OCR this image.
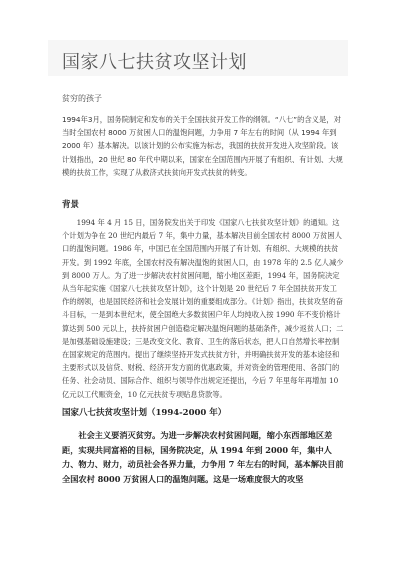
国家八七扶贫攻坚计划
贫穷的孩子

1994年3月，国务院制定和发布的关于全国扶贫开发工作的纲领。“八七”的含义是，对当时全国农村 8000 万贫困人口的温饱问题，力争用 7 年左右的时间（从 1994 年到 2000 年）基本解决。以该计划的公布实施为标志，我国的扶贫开发进入攻坚阶段。该计划指出，20 世纪 80 年代中期以来，国家在全国范围内开展了有组织、有计划、大规模的扶贫工作，实现了从救济式扶贫向开发式扶贫的转变。

背景

1994 年 4 月 15 日，国务院发出关于印发《国家八七扶贫攻坚计划》的通知。这个计划为争在 20 世纪内最后 7 年，集中力量，基本解决目前全国农村 8000 万贫困人口的温饱问题。1986 年，中国已在全国范围内开展了有计划、有组织、大规模的扶贫开发。到 1992 年底，全国农村没有解决温饱的贫困人口，由 1978 年的 2.5 亿人减少到 8000 万人。为了进一步解决农村贫困问题，缩小地区差距，1994 年，国务院决定从当年起实施《国家八七扶贫攻坚计划》，这个计划是 20 世纪后 7 年全国扶贫开发工作的纲领，也是国民经济和社会发展计划的重要组成部分。《计划》指出，扶贫攻坚的奋斗目标，一是到本世纪末，使全国绝大多数贫困户年人均纯收入按 1990 年不变价格计算达到 500 元以上，扶持贫困户创造稳定解决温饱问题的基础条件，减少返贫人口；二是加强基础设施建设；三是改变文化、教育、卫生的落后状态，把人口自然增长率控制在国家规定的范围内。提出了继续坚持开发式扶贫方针，并明确扶贫开发的基本途径和主要形式以及信贷、财税、经济开发方面的优惠政策，并对资金的管理使用、各部门的任务、社会动员、国际合作、组织与领导作出规定还提出，今后 7 年里每年再增加 10 亿元以工代赈资金，10 亿元扶贫专项贴息贷款等。

国家八七扶贫攻坚计划（1994-2000 年）

社会主义要消灭贫穷。为进一步解决农村贫困问题，缩小东西部地区差距，实现共同富裕的目标，国务院决定，从 1994 年到 2000 年，集中人力、物力、财力，动员社会各界力量，力争用 7 年左右的时间，基本解决目前全国农村 8000 万贫困人口的温饱问题。这是一场难度很大的攻坚
